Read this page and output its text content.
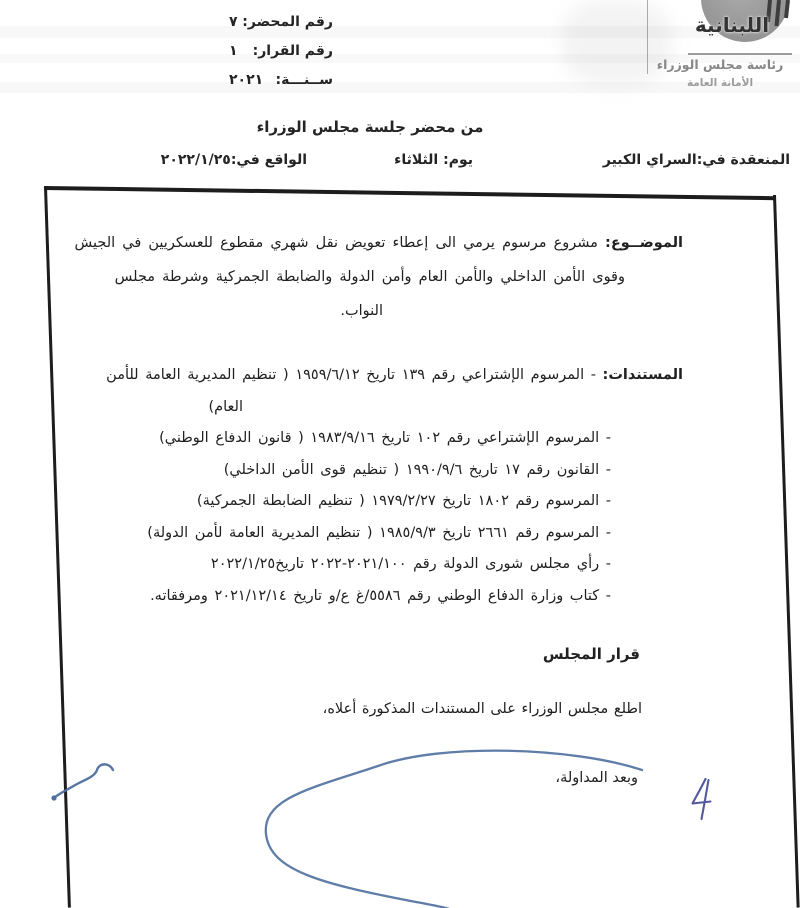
رقم المحضر:
٧
رقم القرار:
١
ســنـــة:
٢٠٢١
اللبنانية
رئاسة مجلس الوزراء
الأمانة العامة
من محضر جلسة مجلس الوزراء
المنعقدة في:السراي الكبير
يوم: الثلاثاء
الواقع في:٢٠٢٢/١/٢٥
الموضــوع: مشروع مرسوم يرمي الى إعطاء تعويض نقل شهري مقطوع للعسكريين في الجيش
وقوى الأمن الداخلي والأمن العام وأمن الدولة والضابطة الجمركية وشرطة مجلس
النواب.
المستندات: - المرسوم الإشتراعي رقم ١٣٩ تاريخ ١٩٥٩/٦/١٢ ( تنظيم المديرية العامة للأمن
العام)
- المرسوم الإشتراعي رقم ١٠٢ تاريخ ١٩٨٣/٩/١٦ ( قانون الدفاع الوطني)
- القانون رقم ١٧ تاريخ ١٩٩٠/٩/٦ ( تنظيم قوى الأمن الداخلي)
- المرسوم رقم ١٨٠٢ تاريخ ١٩٧٩/٢/٢٧ ( تنظيم الضابطة الجمركية)
- المرسوم رقم ٢٦٦١ تاريخ ١٩٨٥/٩/٣ ( تنظيم المديرية العامة لأمن الدولة)
- رأي مجلس شورى الدولة رقم ٢٠٢١/١٠٠-٢٠٢٢ تاريخ٢٠٢٢/١/٢٥
- كتاب وزارة الدفاع الوطني رقم ٥٥٨٦/غ ع/و تاريخ ٢٠٢١/١٢/١٤ ومرفقاته.
قرار المجلس
اطلع مجلس الوزراء على المستندات المذكورة أعلاه،
وبعد المداولة،
